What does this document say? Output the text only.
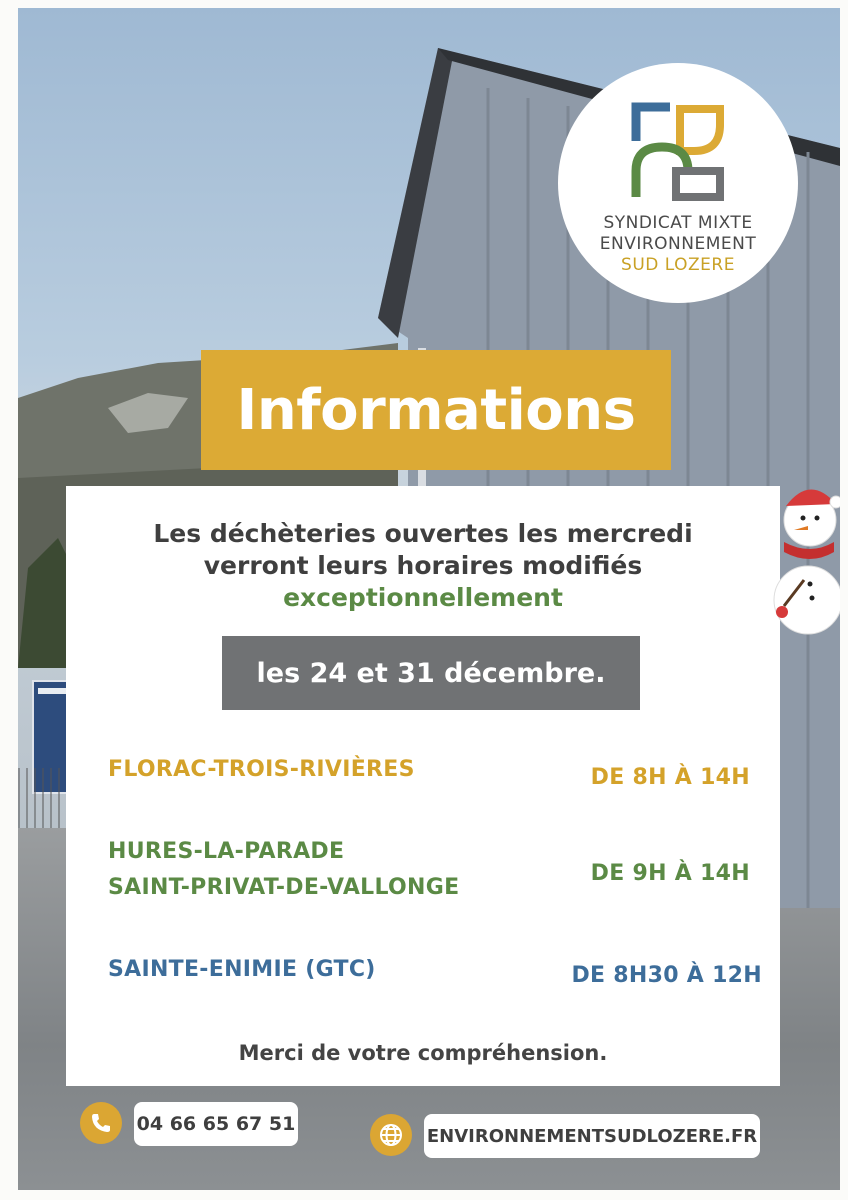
SYNDICAT MIXTE
ENVIRONNEMENT
SUD LOZERE
Informations
Les déchèteries ouvertes les mercredi
verront leurs horaires modifiés
exceptionnellement
les 24 et 31 décembre.
FLORAC-TROIS-RIVIÈRES	DE 8H À 14H
HURES-LA-PARADE
SAINT-PRIVAT-DE-VALLONGE
DE 9H À 14H
SAINTE-ENIMIE (GTC)	DE 8H30 À 12H
Merci de votre compréhension.
04 66 65 67 51
ENVIRONNEMENTSUDLOZERE.FR
